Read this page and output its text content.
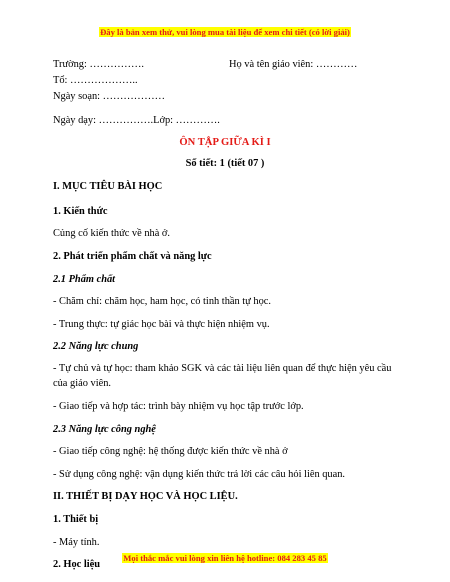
Đây là bản xem thử, vui lòng mua tài liệu để xem chi tiết (có lời giải)
Trường: …………….	Họ và tên giáo viên: …………
Tổ: ………………..
Ngày soạn: ………………
Ngày dạy: …………….Lớp: ………….
ÔN TẬP GIỮA KÌ I
Số tiết: 1 (tiết 07 )
I. MỤC TIÊU BÀI HỌC
1. Kiến thức
Củng cố kiến thức về nhà ở.
2. Phát triển phẩm chất và năng lực
2.1 Phẩm chất
- Chăm chỉ: chăm học, ham học, có tinh thần tự học.
- Trung thực: tự giác học bài và thực hiện nhiệm vụ.
2.2 Năng lực chung
- Tự chủ và tự học: tham khảo SGK và các tài liệu liên quan để thực hiện yêu cầu của giáo viên.
- Giao tiếp và hợp tác: trình bày nhiệm vụ học tập trước lớp.
2.3 Năng lực công nghệ
- Giao tiếp công nghệ: hệ thống được kiến thức về nhà ở
- Sử dụng công nghệ: vận dụng kiến thức trả lời các câu hỏi liên quan.
II. THIẾT BỊ DẠY HỌC VÀ HỌC LIỆU.
1. Thiết bị
- Máy tính.
2. Học liệu
Mọi thắc mắc vui lòng xin liên hệ hotline: 084 283 45 85
